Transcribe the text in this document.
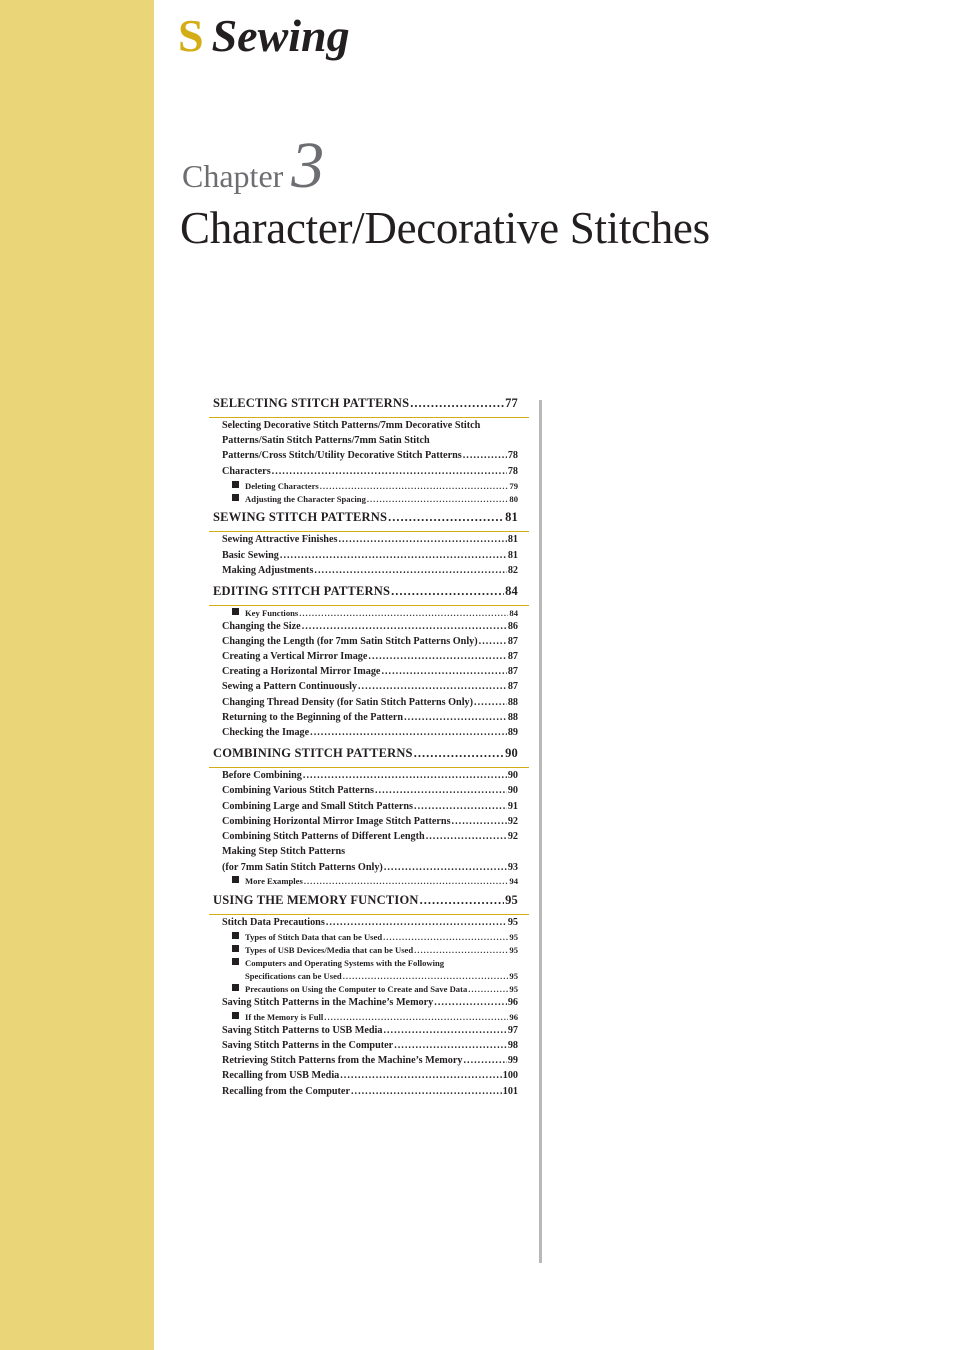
S Sewing
Chapter 3
Character/Decorative Stitches
SELECTING STITCH PATTERNS .....	77
Selecting Decorative Stitch Patterns/7mm Decorative Stitch
Patterns/Satin Stitch Patterns/7mm Satin Stitch
Patterns/Cross Stitch/Utility Decorative Stitch Patterns .....	78
Characters .....	78
Deleting Characters .....	79
Adjusting the Character Spacing .....	80
SEWING STITCH PATTERNS .....	81
Sewing Attractive Finishes .....	81
Basic Sewing .....	81
Making Adjustments .....	82
EDITING STITCH PATTERNS .....	84
Key Functions .....	84
Changing the Size .....	86
Changing the Length (for 7mm Satin Stitch Patterns Only) .....	87
Creating a Vertical Mirror Image .....	87
Creating a Horizontal Mirror Image .....	87
Sewing a Pattern Continuously .....	87
Changing Thread Density (for Satin Stitch Patterns Only) .....	88
Returning to the Beginning of the Pattern .....	88
Checking the Image .....	89
COMBINING STITCH PATTERNS .....	90
Before Combining .....	90
Combining Various Stitch Patterns .....	90
Combining Large and Small Stitch Patterns .....	91
Combining Horizontal Mirror Image Stitch Patterns .....	92
Combining Stitch Patterns of Different Length .....	92
Making Step Stitch Patterns
(for 7mm Satin Stitch Patterns Only) .....	93
More Examples .....	94
USING THE MEMORY FUNCTION .....	95
Stitch Data Precautions .....	95
Types of Stitch Data that can be Used .....	95
Types of USB Devices/Media that can be Used .....	95
Computers and Operating Systems with the Following
Specifications can be Used .....	95
Precautions on Using the Computer to Create and Save Data .....	95
Saving Stitch Patterns in the Machine’s Memory .....	96
If the Memory is Full .....	96
Saving Stitch Patterns to USB Media .....	97
Saving Stitch Patterns in the Computer .....	98
Retrieving Stitch Patterns from the Machine’s Memory .....	99
Recalling from USB Media .....	100
Recalling from the Computer .....	101
